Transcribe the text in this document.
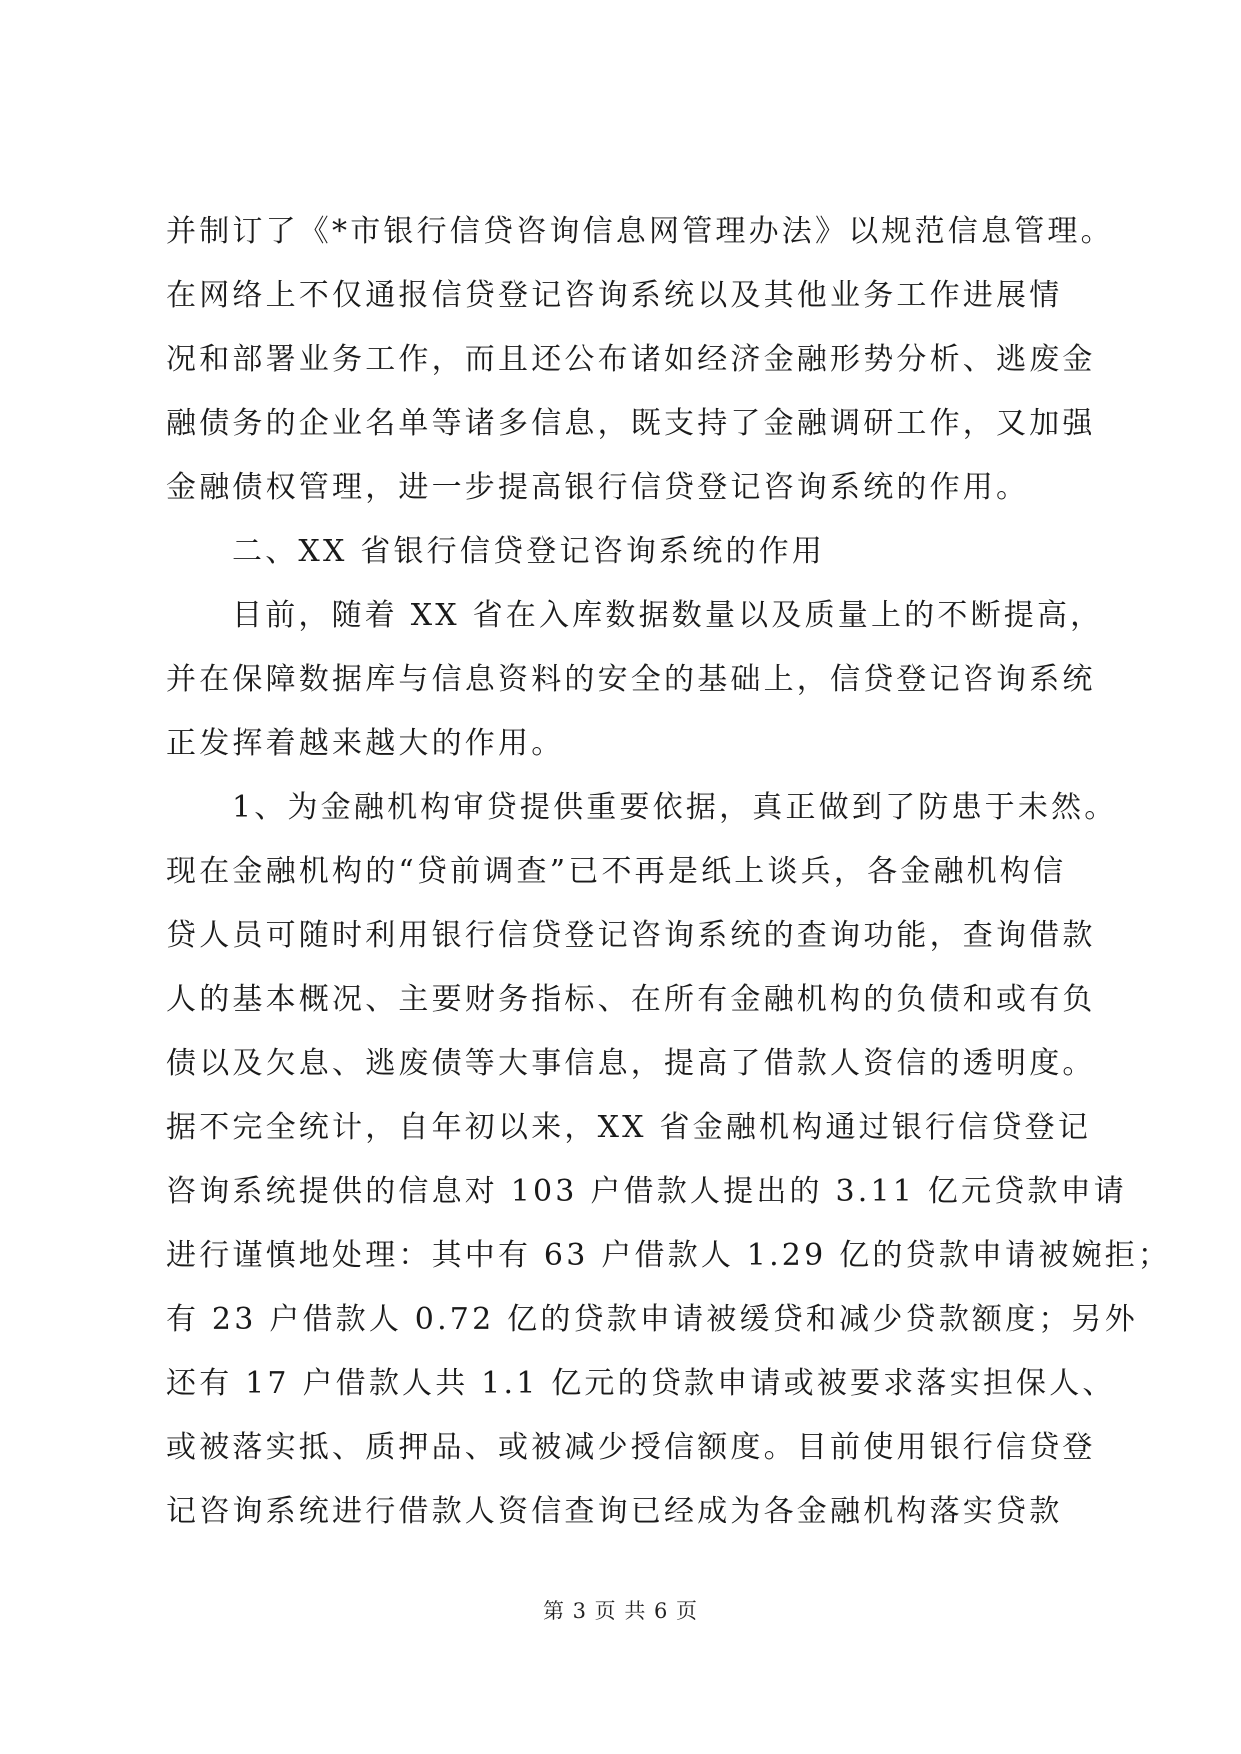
并制订了《*市银行信贷咨询信息网管理办法》以规范信息管理。
在网络上不仅通报信贷登记咨询系统以及其他业务工作进展情
况和部署业务工作，而且还公布诸如经济金融形势分析、逃废金
融债务的企业名单等诸多信息，既支持了金融调研工作，又加强
金融债权管理，进一步提高银行信贷登记咨询系统的作用。
二、XX 省银行信贷登记咨询系统的作用
目前，随着 XX 省在入库数据数量以及质量上的不断提高，
并在保障数据库与信息资料的安全的基础上，信贷登记咨询系统
正发挥着越来越大的作用。
1、为金融机构审贷提供重要依据，真正做到了防患于未然。
现在金融机构的“贷前调查”已不再是纸上谈兵，各金融机构信
贷人员可随时利用银行信贷登记咨询系统的查询功能，查询借款
人的基本概况、主要财务指标、在所有金融机构的负债和或有负
债以及欠息、逃废债等大事信息，提高了借款人资信的透明度。
据不完全统计，自年初以来，XX 省金融机构通过银行信贷登记
咨询系统提供的信息对 103 户借款人提出的 3.11 亿元贷款申请
进行谨慎地处理：其中有 63 户借款人 1.29 亿的贷款申请被婉拒；
有 23 户借款人 0.72 亿的贷款申请被缓贷和减少贷款额度；另外
还有 17 户借款人共 1.1 亿元的贷款申请或被要求落实担保人、
或被落实抵、质押品、或被减少授信额度。目前使用银行信贷登
记咨询系统进行借款人资信查询已经成为各金融机构落实贷款
第 3 页 共 6 页
